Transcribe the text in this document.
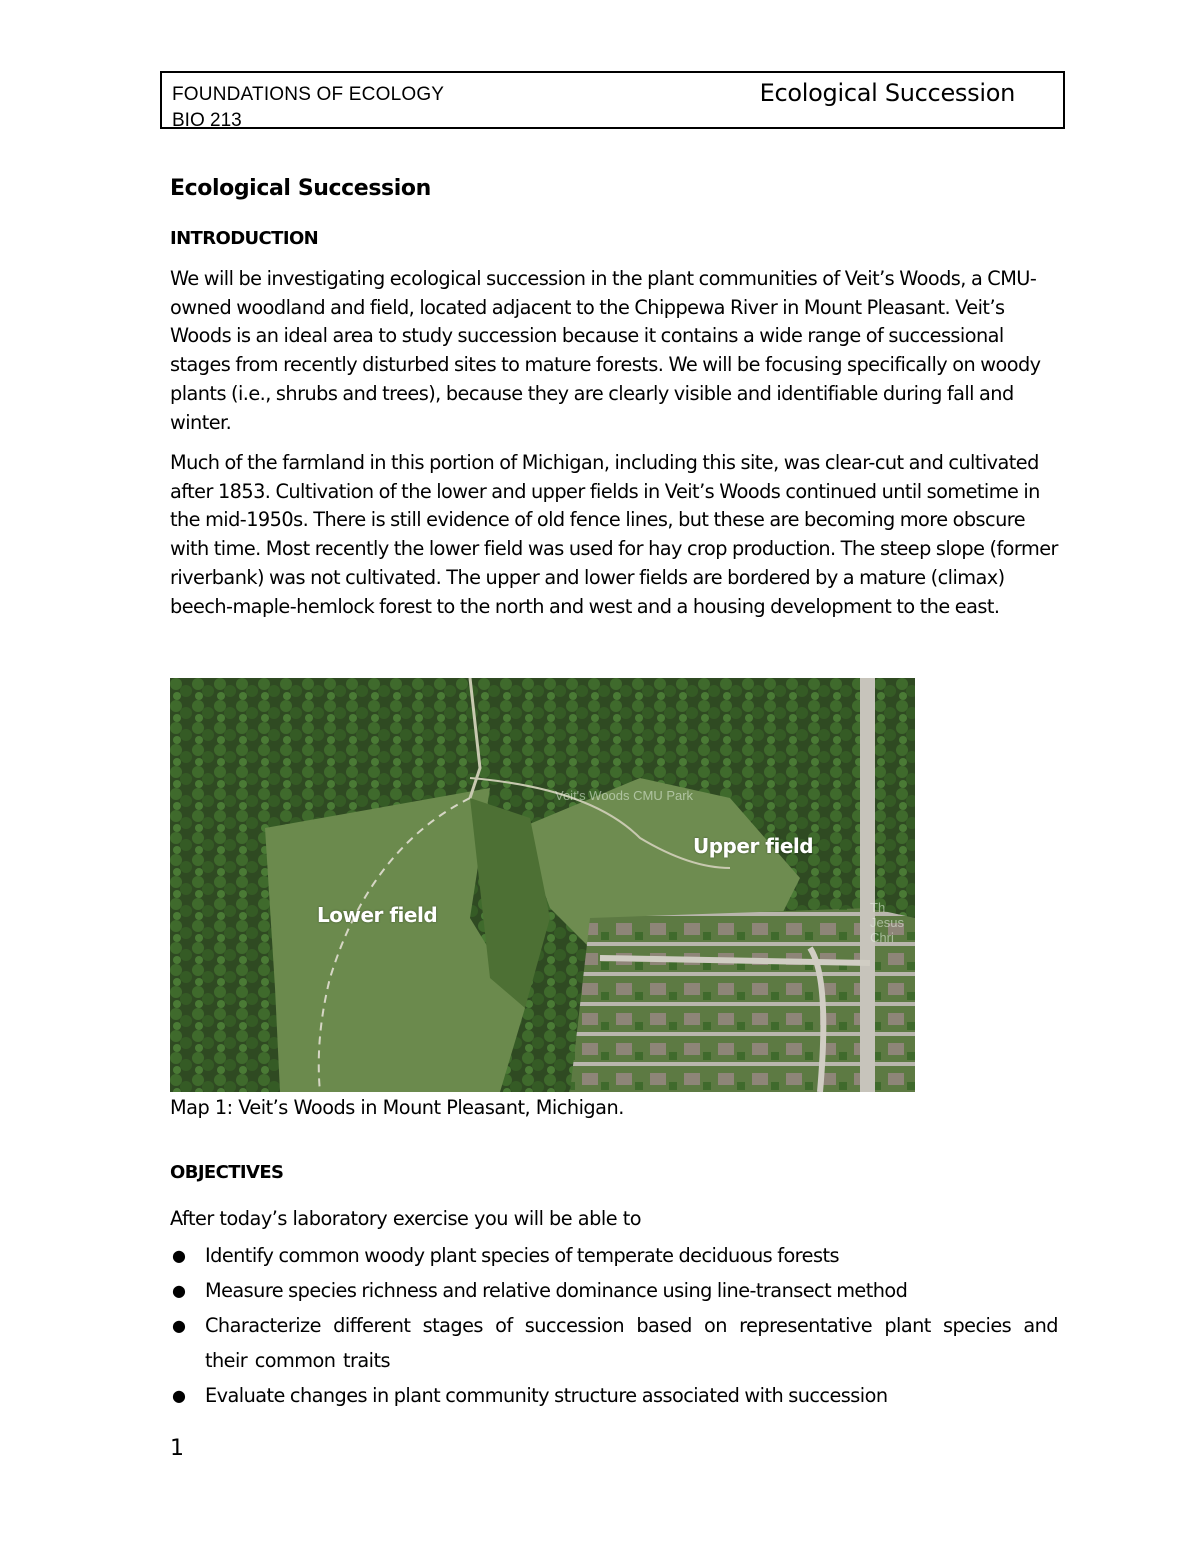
FOUNDATIONS OF ECOLOGY
BIO 213
Ecological Succession
Ecological Succession
INTRODUCTION
We will be investigating ecological succession in the plant communities of Veit’s Woods, a CMU-owned woodland and field, located adjacent to the Chippewa River in Mount Pleasant. Veit’s Woods is an ideal area to study succession because it contains a wide range of successional stages from recently disturbed sites to mature forests. We will be focusing specifically on woody plants (i.e., shrubs and trees), because they are clearly visible and identifiable during fall and winter.
Much of the farmland in this portion of Michigan, including this site, was clear-cut and cultivated after 1853. Cultivation of the lower and upper fields in Veit’s Woods continued until sometime in the mid-1950s. There is still evidence of old fence lines, but these are becoming more obscure with time. Most recently the lower field was used for hay crop production. The steep slope (former riverbank) was not cultivated. The upper and lower fields are bordered by a mature (climax) beech-maple-hemlock forest to the north and west and a housing development to the east.
Veit's Woods CMU Park
Th Jesus Chri
Upper field
Lower field
Map 1: Veit’s Woods in Mount Pleasant, Michigan.
OBJECTIVES
After today’s laboratory exercise you will be able to
● Identify common woody plant species of temperate deciduous forests
● Measure species richness and relative dominance using line-transect method
● Characterize different stages of succession based on representative plant species and their common traits
● Evaluate changes in plant community structure associated with succession
1
